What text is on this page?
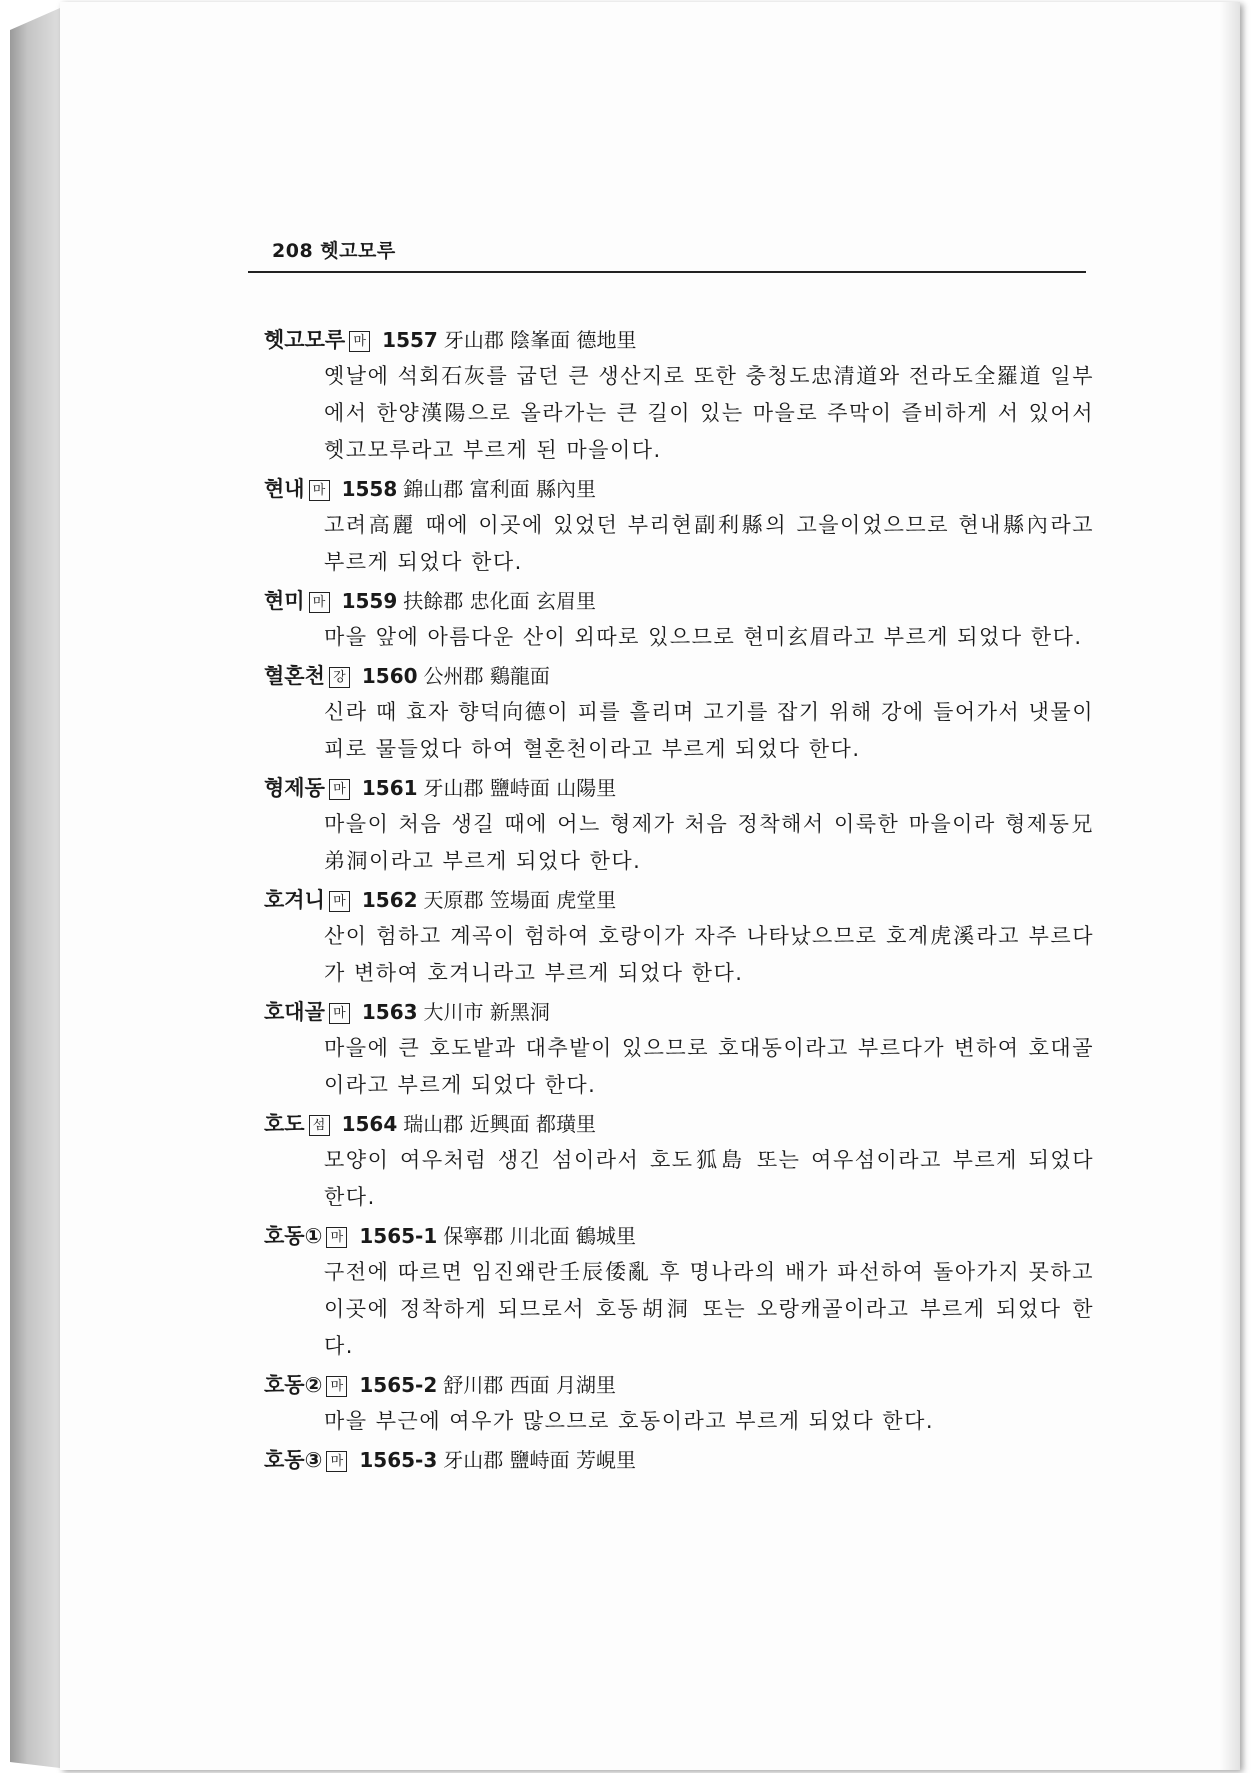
208 헷고모루
헷고모루 마 1557 牙山郡 陰峯面 德地里
옛날에 석회石灰를 굽던 큰 생산지로 또한 충청도忠清道와 전라도全羅道 일부에서 한양漢陽으로 올라가는 큰 길이 있는 마을로 주막이 즐비하게 서 있어서 헷고모루라고 부르게 된 마을이다.
현내 마 1558 錦山郡 富利面 縣內里
고려高麗 때에 이곳에 있었던 부리현副利縣의 고을이었으므로 현내縣內라고 부르게 되었다 한다.
현미 마 1559 扶餘郡 忠化面 玄眉里
마을 앞에 아름다운 산이 외따로 있으므로 현미玄眉라고 부르게 되었다 한다.
혈혼천 강 1560 公州郡 鷄龍面
신라 때 효자 향덕向德이 피를 흘리며 고기를 잡기 위해 강에 들어가서 냇물이 피로 물들었다 하여 혈혼천이라고 부르게 되었다 한다.
형제동 마 1561 牙山郡 鹽峙面 山陽里
마을이 처음 생길 때에 어느 형제가 처음 정착해서 이룩한 마을이라 형제동兄弟洞이라고 부르게 되었다 한다.
호겨니 마 1562 天原郡 笠場面 虎堂里
산이 험하고 계곡이 험하여 호랑이가 자주 나타났으므로 호계虎溪라고 부르다가 변하여 호겨니라고 부르게 되었다 한다.
호대골 마 1563 大川市 新黑洞
마을에 큰 호도밭과 대추밭이 있으므로 호대동이라고 부르다가 변하여 호대골이라고 부르게 되었다 한다.
호도 섬 1564 瑞山郡 近興面 都璜里
모양이 여우처럼 생긴 섬이라서 호도狐島 또는 여우섬이라고 부르게 되었다 한다.
호동① 마 1565-1 保寧郡 川北面 鶴城里
구전에 따르면 임진왜란壬辰倭亂 후 명나라의 배가 파선하여 돌아가지 못하고 이곳에 정착하게 되므로서 호동胡洞 또는 오랑캐골이라고 부르게 되었다 한다.
호동② 마 1565-2 舒川郡 西面 月湖里
마을 부근에 여우가 많으므로 호동이라고 부르게 되었다 한다.
호동③ 마 1565-3 牙山郡 鹽峙面 芳峴里
